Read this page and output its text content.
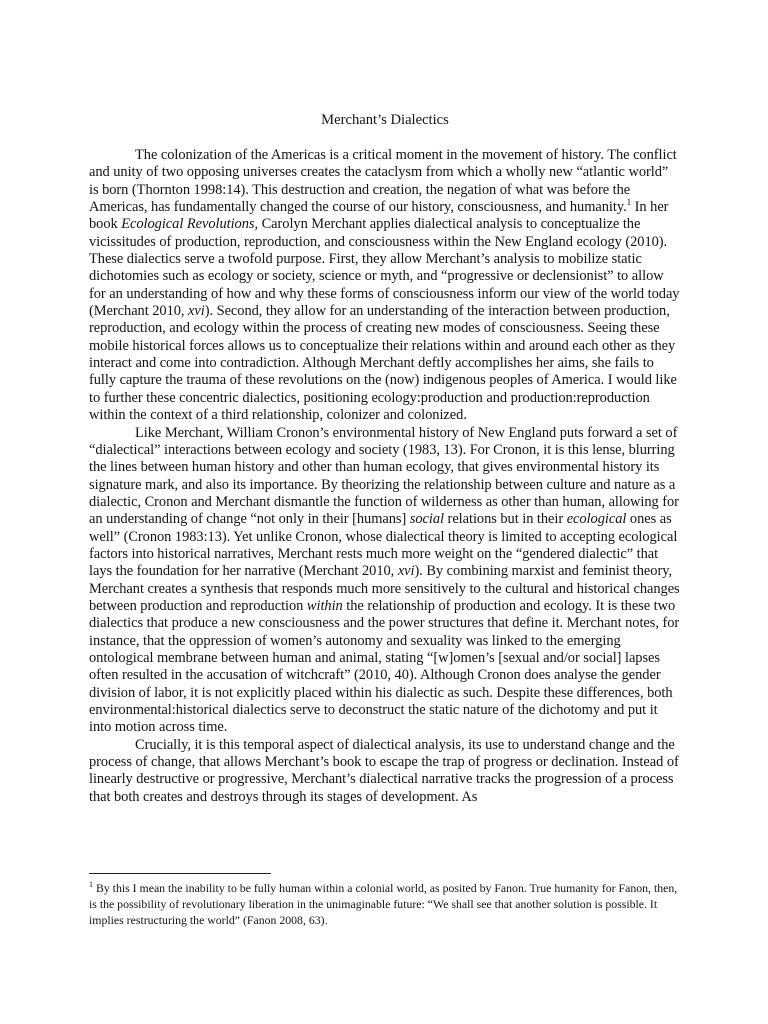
Merchant’s Dialectics

The colonization of the Americas is a critical moment in the movement of history. The conflict and unity of two opposing universes creates the cataclysm from which a wholly new “atlantic world” is born (Thornton 1998:14). This destruction and creation, the negation of what was before the Americas, has fundamentally changed the course of our history, consciousness, and humanity.$^1$ In her book Ecological Revolutions, Carolyn Merchant applies dialectical analysis to conceptualize the vicissitudes of production, reproduction, and consciousness within the New England ecology (2010). These dialectics serve a twofold purpose. First, they allow Merchant’s analysis to mobilize static dichotomies such as ecology or society, science or myth, and “progressive or declensionist” to allow for an understanding of how and why these forms of consciousness inform our view of the world today (Merchant 2010, xvi). Second, they allow for an understanding of the interaction between production, reproduction, and ecology within the process of creating new modes of consciousness. Seeing these mobile historical forces allows us to conceptualize their relations within and around each other as they interact and come into contradiction. Although Merchant deftly accomplishes her aims, she fails to fully capture the trauma of these revolutions on the (now) indigenous peoples of America. I would like to further these concentric dialectics, positioning ecology:production and production:reproduction within the context of a third relationship, colonizer and colonized.

Like Merchant, William Cronon’s environmental history of New England puts forward a set of “dialectical” interactions between ecology and society (1983, 13). For Cronon, it is this lense, blurring the lines between human history and other than human ecology, that gives environmental history its signature mark, and also its importance. By theorizing the relationship between culture and nature as a dialectic, Cronon and Merchant dismantle the function of wilderness as other than human, allowing for an understanding of change “not only in their [humans] social relations but in their ecological ones as well” (Cronon 1983:13). Yet unlike Cronon, whose dialectical theory is limited to accepting ecological factors into historical narratives, Merchant rests much more weight on the “gendered dialectic” that lays the foundation for her narrative (Merchant 2010, xvi). By combining marxist and feminist theory, Merchant creates a synthesis that responds much more sensitively to the cultural and historical changes between production and reproduction within the relationship of production and ecology. It is these two dialectics that produce a new consciousness and the power structures that define it. Merchant notes, for instance, that the oppression of women’s autonomy and sexuality was linked to the emerging ontological membrane between human and animal, stating “[w]omen’s [sexual and/or social] lapses often resulted in the accusation of witchcraft” (2010, 40). Although Cronon does analyse the gender division of labor, it is not explicitly placed within his dialectic as such. Despite these differences, both environmental:historical dialectics serve to deconstruct the static nature of the dichotomy and put it into motion across time.

Crucially, it is this temporal aspect of dialectical analysis, its use to understand change and the process of change, that allows Merchant’s book to escape the trap of progress or declination. Instead of linearly destructive or progressive, Merchant’s dialectical narrative tracks the progression of a process that both creates and destroys through its stages of development. As

$^1$ By this I mean the inability to be fully human within a colonial world, as posited by Fanon. True humanity for Fanon, then, is the possibility of revolutionary liberation in the unimaginable future: “We shall see that another solution is possible. It implies restructuring the world” (Fanon 2008, 63).
